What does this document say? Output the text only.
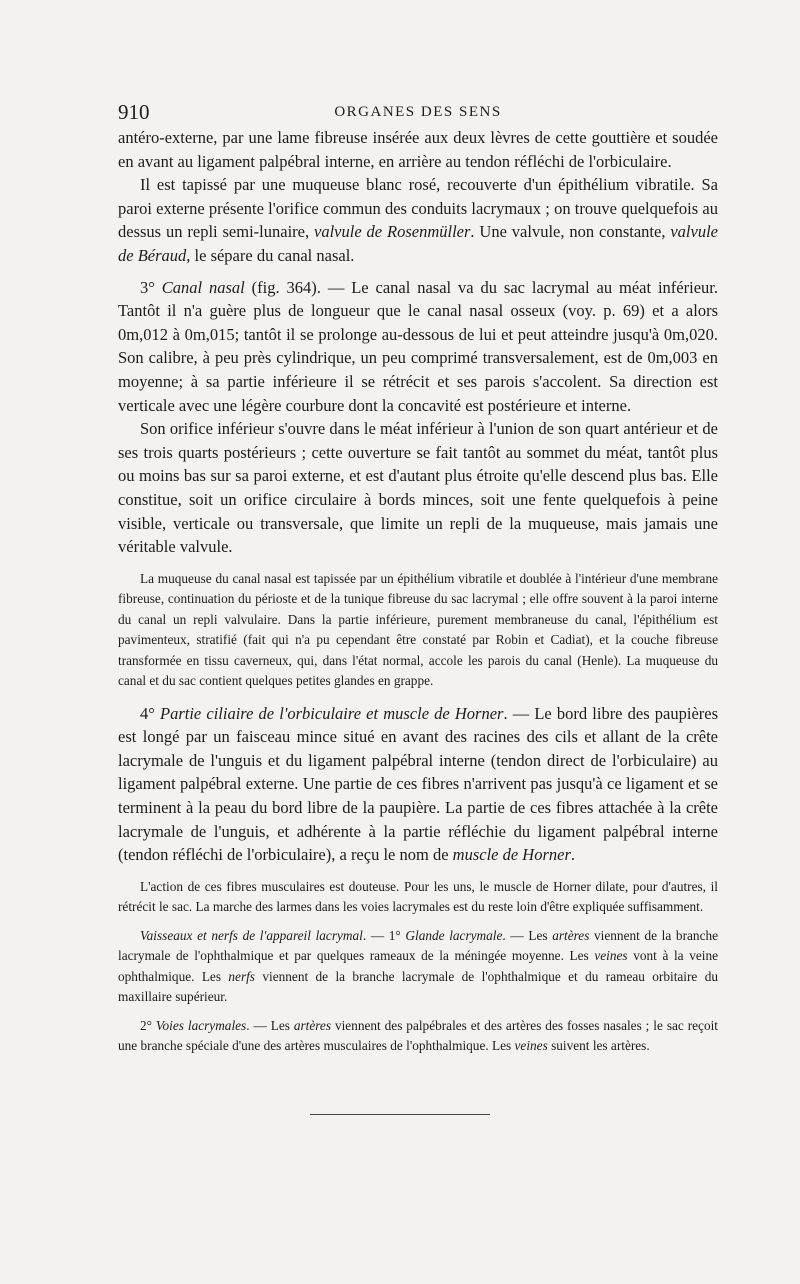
910	ORGANES DES SENS

antéro-externe, par une lame fibreuse insérée aux deux lèvres de cette gouttière et soudée en avant au ligament palpébral interne, en arrière au tendon réfléchi de l'orbiculaire.

Il est tapissé par une muqueuse blanc rosé, recouverte d'un épithélium vibratile. Sa paroi externe présente l'orifice commun des conduits lacrymaux ; on trouve quelquefois au dessus un repli semi-lunaire, valvule de Rosenmüller. Une valvule, non constante, valvule de Béraud, le sépare du canal nasal.

3° Canal nasal (fig. 364). — Le canal nasal va du sac lacrymal au méat inférieur. Tantôt il n'a guère plus de longueur que le canal nasal osseux (voy. p. 69) et a alors 0m,012 à 0m,015; tantôt il se prolonge au-dessous de lui et peut atteindre jusqu'à 0m,020. Son calibre, à peu près cylindrique, un peu comprimé transversalement, est de 0m,003 en moyenne; à sa partie inférieure il se rétrécit et ses parois s'accolent. Sa direction est verticale avec une légère courbure dont la concavité est postérieure et interne.

Son orifice inférieur s'ouvre dans le méat inférieur à l'union de son quart antérieur et de ses trois quarts postérieurs ; cette ouverture se fait tantôt au sommet du méat, tantôt plus ou moins bas sur sa paroi externe, et est d'autant plus étroite qu'elle descend plus bas. Elle constitue, soit un orifice circulaire à bords minces, soit une fente quelquefois à peine visible, verticale ou transversale, que limite un repli de la muqueuse, mais jamais une véritable valvule.

La muqueuse du canal nasal est tapissée par un épithélium vibratile et doublée à l'intérieur d'une membrane fibreuse, continuation du périoste et de la tunique fibreuse du sac lacrymal ; elle offre souvent à la paroi interne du canal un repli valvulaire. Dans la partie inférieure, purement membraneuse du canal, l'épithélium est pavimenteux, stratifié (fait qui n'a pu cependant être constaté par Robin et Cadiat), et la couche fibreuse transformée en tissu caverneux, qui, dans l'état normal, accole les parois du canal (Henle). La muqueuse du canal et du sac contient quelques petites glandes en grappe.

4° Partie ciliaire de l'orbiculaire et muscle de Horner. — Le bord libre des paupières est longé par un faisceau mince situé en avant des racines des cils et allant de la crête lacrymale de l'unguis et du ligament palpébral interne (tendon direct de l'orbiculaire) au ligament palpébral externe. Une partie de ces fibres n'arrivent pas jusqu'à ce ligament et se terminent à la peau du bord libre de la paupière. La partie de ces fibres attachée à la crête lacrymale de l'unguis, et adhérente à la partie réfléchie du ligament palpébral interne (tendon réfléchi de l'orbiculaire), a reçu le nom de muscle de Horner.

L'action de ces fibres musculaires est douteuse. Pour les uns, le muscle de Horner dilate, pour d'autres, il rétrécit le sac. La marche des larmes dans les voies lacrymales est du reste loin d'être expliquée suffisamment.

Vaisseaux et nerfs de l'appareil lacrymal. — 1° Glande lacrymale. — Les artères viennent de la branche lacrymale de l'ophthalmique et par quelques rameaux de la méningée moyenne. Les veines vont à la veine ophthalmique. Les nerfs viennent de la branche lacrymale de l'ophthalmique et du rameau orbitaire du maxillaire supérieur.

2° Voies lacrymales. — Les artères viennent des palpébrales et des artères des fosses nasales ; le sac reçoit une branche spéciale d'une des artères musculaires de l'ophthalmique. Les veines suivent les artères.
